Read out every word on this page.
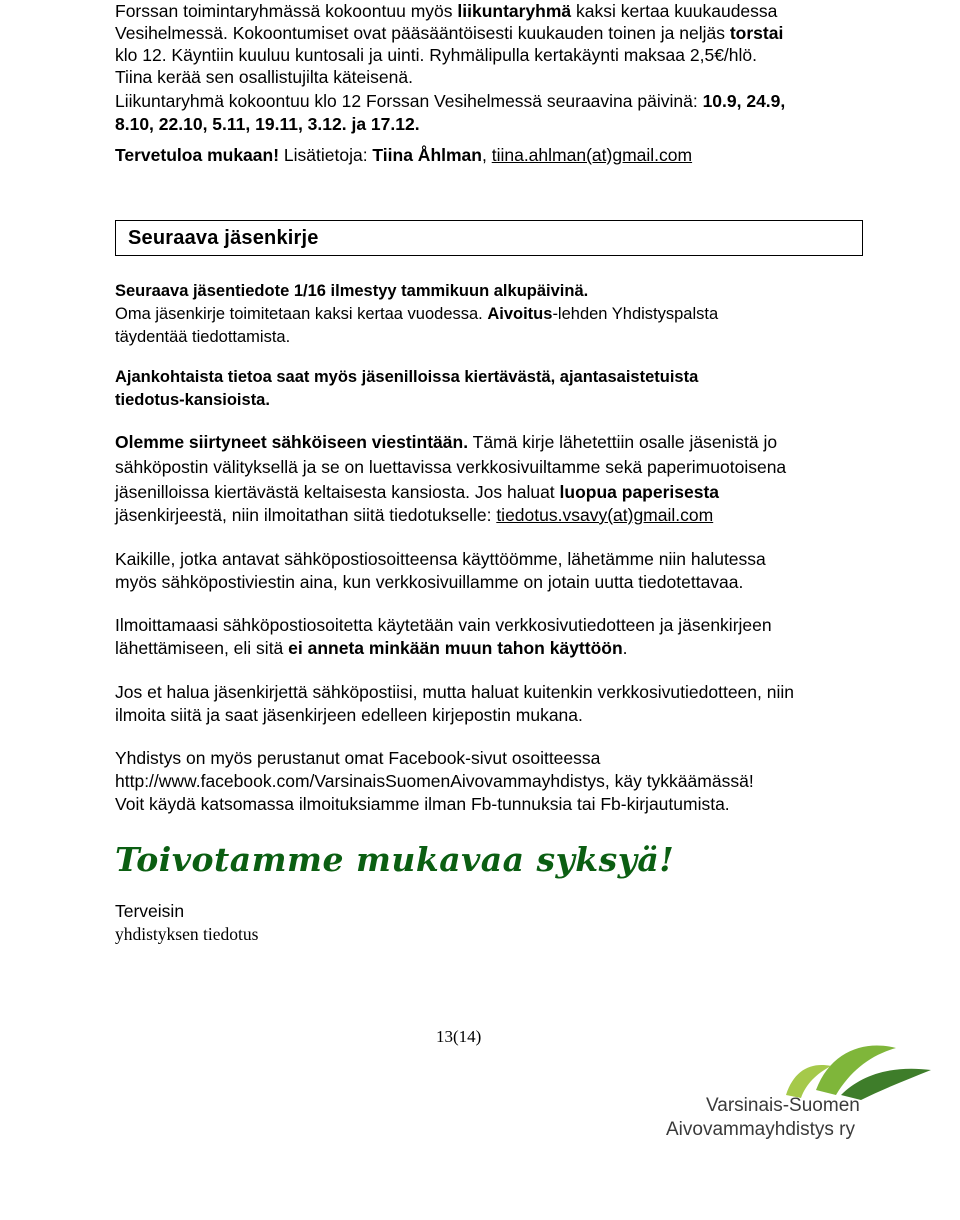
Forssan toimintaryhmässä kokoontuu myös liikuntaryhmä kaksi kertaa kuukaudessa

Vesihelmessä. Kokoontumiset ovat pääsääntöisesti kuukauden toinen ja neljäs torstai

klo 12. Käyntiin kuuluu kuntosali ja uinti. Ryhmälipulla kertakäynti maksaa 2,5€/hlö.

Tiina kerää sen osallistujilta käteisenä.

Liikuntaryhmä kokoontuu klo 12 Forssan Vesihelmessä seuraavina päivinä: 10.9, 24.9,

8.10, 22.10, 5.11, 19.11, 3.12. ja 17.12.

Tervetuloa mukaan! Lisätietoja: Tiina Åhlman, tiina.ahlman(at)gmail.com

Seuraava jäsenkirje

Seuraava jäsentiedote 1/16 ilmestyy tammikuun alkupäivinä.

Oma jäsenkirje toimitetaan kaksi kertaa vuodessa. Aivoitus-lehden Yhdistyspalsta

täydentää tiedottamista.

Ajankohtaista tietoa saat myös jäsenilloissa kiertävästä, ajantasaistetuista

tiedotus-kansioista.

Olemme siirtyneet sähköiseen viestintään. Tämä kirje lähetettiin osalle jäsenistä jo

sähköpostin välityksellä ja se on luettavissa verkkosivuiltamme sekä paperimuotoisena

jäsenilloissa kiertävästä keltaisesta kansiosta. Jos haluat luopua paperisesta

jäsenkirjeestä, niin ilmoitathan siitä tiedotukselle: tiedotus.vsavy(at)gmail.com

Kaikille, jotka antavat sähköpostiosoitteensa käyttöömme, lähetämme niin halutessa

myös sähköpostiviestin aina, kun verkkosivuillamme on jotain uutta tiedotettavaa.

Ilmoittamaasi sähköpostiosoitetta käytetään vain verkkosivutiedotteen ja jäsenkirjeen

lähettämiseen, eli sitä ei anneta minkään muun tahon käyttöön.

Jos et halua jäsenkirjettä sähköpostiisi, mutta haluat kuitenkin verkkosivutiedotteen, niin

ilmoita siitä ja saat jäsenkirjeen edelleen kirjepostin mukana.

Yhdistys on myös perustanut omat Facebook-sivut osoitteessa

http://www.facebook.com/VarsinaisSuomenAivovammayhdistys, käy tykkäämässä!

Voit käydä katsomassa ilmoituksiamme ilman Fb-tunnuksia tai Fb-kirjautumista.

Toivotamme mukavaa syksyä!

Terveisin

yhdistyksen tiedotus

13(14)
Varsinais-Suomen
Aivovammayhdistys ry
